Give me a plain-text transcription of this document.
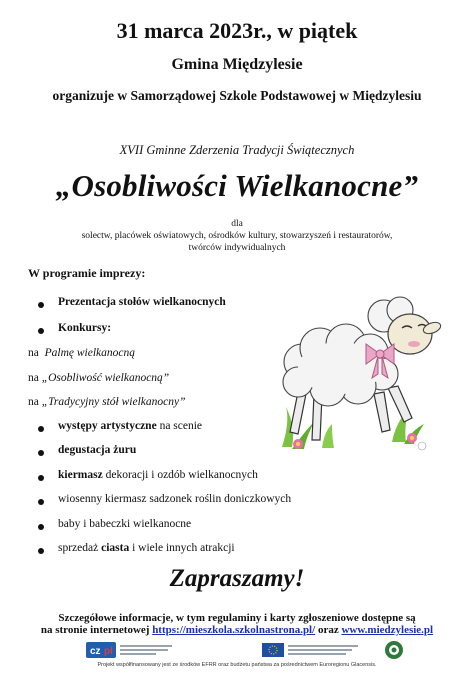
31 marca 2023r., w piątek
Gmina Międzylesie
organizuje w Samorządowej Szkole Podstawowej w Międzylesiu
XVII Gminne Zderzenia Tradycji Świątecznych
„Osobliwości Wielkanocne”
dla
solectw, placówek oświatowych, ośrodków kultury, stowarzyszeń i restauratorów,
twórców indywidualnych
W programie imprezy:
Prezentacja stołów wielkanocnych
Konkursy:
na Palmę wielkanocną
na „Osobliwość wielkanocną”
na „Tradycyjny stół wielkanocny”
występy artystyczne na scenie
degustacja żuru
kiermasz dekoracji i ozdób wielkanocnych
wiosenny kiermasz sadzonek roślin doniczkowych
baby i babeczki wielkanocne
sprzedaż ciasta i wiele innych atrakcji
Zapraszamy!
Szczegółowe informacje, w tym regulaminy i karty zgłoszeniowe dostępne są
na stronie internetowej https://mieszkola.szkolnastrona.pl/ oraz www.miedzylesie.pl
cz pl
Projekt współfinansowany jest ze środków EFRR oraz budżetu państwa za pośrednictwem Euroregionu Glacensis.
